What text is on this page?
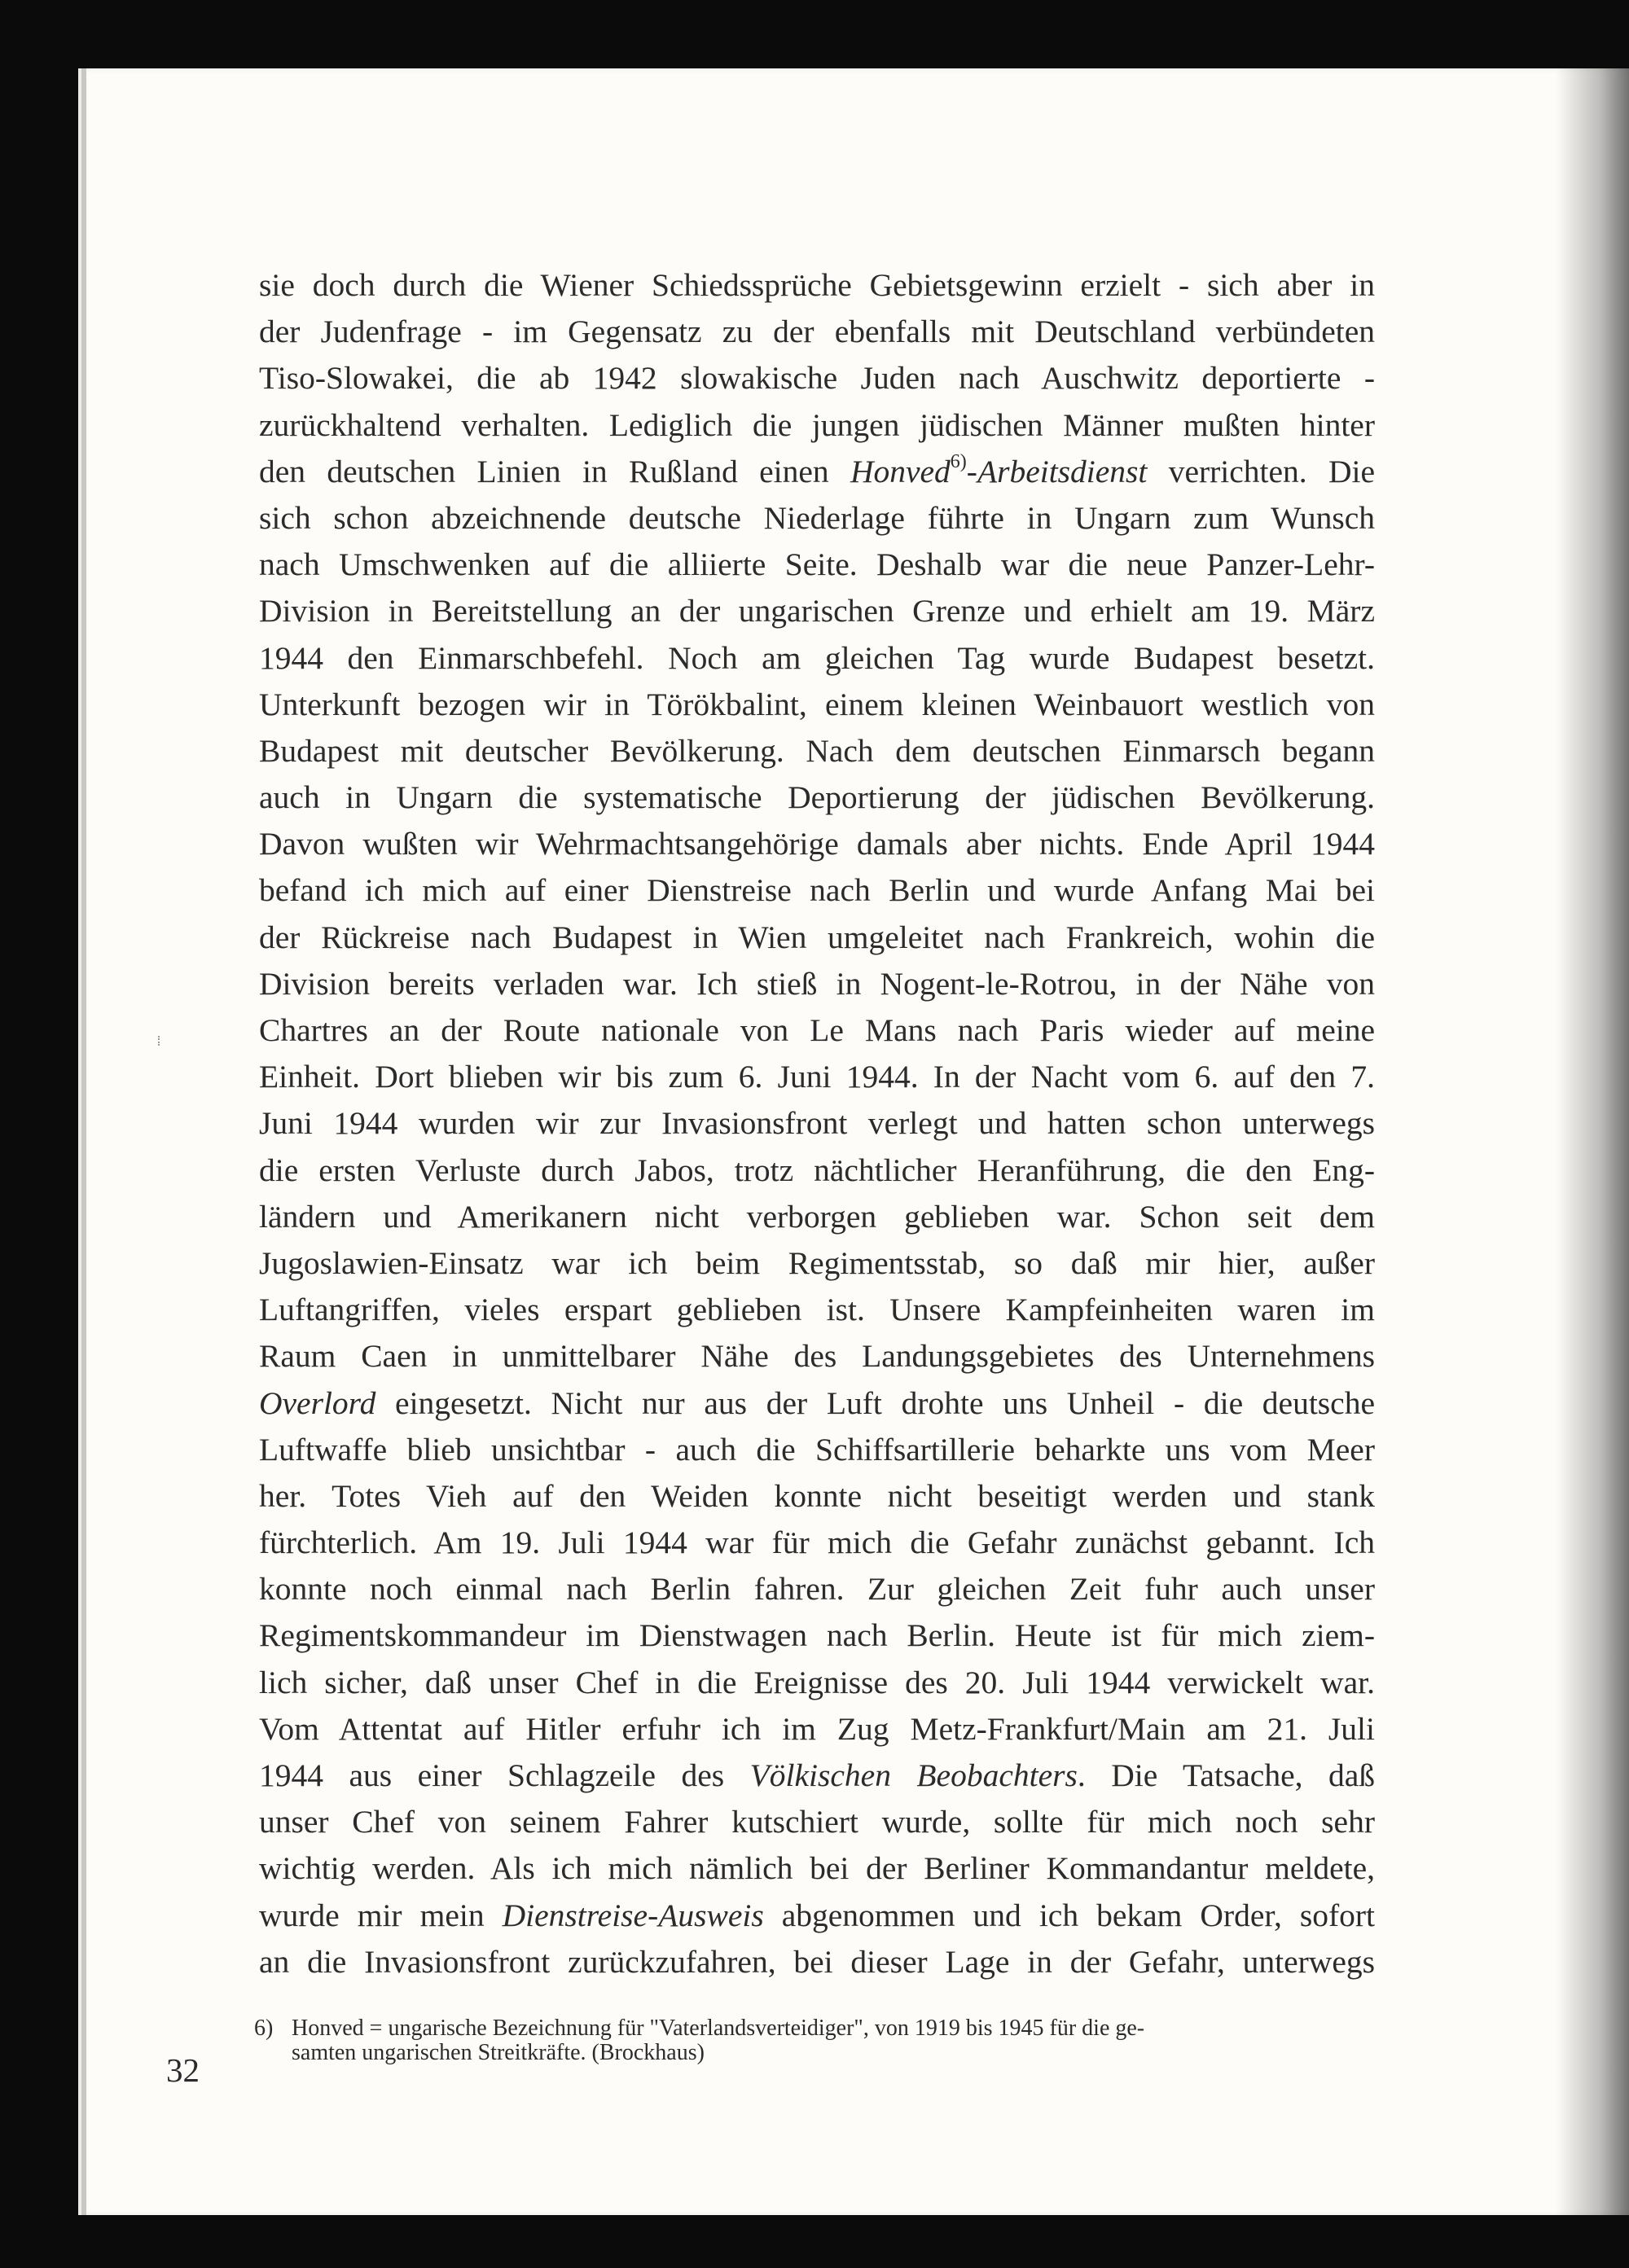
sie doch durch die Wiener Schiedssprüche Gebietsgewinn erzielt - sich aber in
der Judenfrage - im Gegensatz zu der ebenfalls mit Deutschland verbündeten
Tiso-Slowakei, die ab 1942 slowakische Juden nach Auschwitz deportierte -
zurückhaltend verhalten. Lediglich die jungen jüdischen Männer mußten hinter
den deutschen Linien in Rußland einen Honved$^{6)}$-Arbeitsdienst verrichten. Die
sich schon abzeichnende deutsche Niederlage führte in Ungarn zum Wunsch
nach Umschwenken auf die alliierte Seite. Deshalb war die neue Panzer-Lehr-
Division in Bereitstellung an der ungarischen Grenze und erhielt am 19. März
1944 den Einmarschbefehl. Noch am gleichen Tag wurde Budapest besetzt.
Unterkunft bezogen wir in Törökbalint, einem kleinen Weinbauort westlich von
Budapest mit deutscher Bevölkerung. Nach dem deutschen Einmarsch begann
auch in Ungarn die systematische Deportierung der jüdischen Bevölkerung.
Davon wußten wir Wehrmachtsangehörige damals aber nichts. Ende April 1944
befand ich mich auf einer Dienstreise nach Berlin und wurde Anfang Mai bei
der Rückreise nach Budapest in Wien umgeleitet nach Frankreich, wohin die
Division bereits verladen war. Ich stieß in Nogent-le-Rotrou, in der Nähe von
Chartres an der Route nationale von Le Mans nach Paris wieder auf meine
Einheit. Dort blieben wir bis zum 6. Juni 1944. In der Nacht vom 6. auf den 7.
Juni 1944 wurden wir zur Invasionsfront verlegt und hatten schon unterwegs
die ersten Verluste durch Jabos, trotz nächtlicher Heranführung, die den Eng-
ländern und Amerikanern nicht verborgen geblieben war. Schon seit dem
Jugoslawien-Einsatz war ich beim Regimentsstab, so daß mir hier, außer
Luftangriffen, vieles erspart geblieben ist. Unsere Kampfeinheiten waren im
Raum Caen in unmittelbarer Nähe des Landungsgebietes des Unternehmens
Overlord eingesetzt. Nicht nur aus der Luft drohte uns Unheil - die deutsche
Luftwaffe blieb unsichtbar - auch die Schiffsartillerie beharkte uns vom Meer
her. Totes Vieh auf den Weiden konnte nicht beseitigt werden und stank
fürchterlich. Am 19. Juli 1944 war für mich die Gefahr zunächst gebannt. Ich
konnte noch einmal nach Berlin fahren. Zur gleichen Zeit fuhr auch unser
Regimentskommandeur im Dienstwagen nach Berlin. Heute ist für mich ziem-
lich sicher, daß unser Chef in die Ereignisse des 20. Juli 1944 verwickelt war.
Vom Attentat auf Hitler erfuhr ich im Zug Metz-Frankfurt/Main am 21. Juli
1944 aus einer Schlagzeile des Völkischen Beobachters. Die Tatsache, daß
unser Chef von seinem Fahrer kutschiert wurde, sollte für mich noch sehr
wichtig werden. Als ich mich nämlich bei der Berliner Kommandantur meldete,
wurde mir mein Dienstreise-Ausweis abgenommen und ich bekam Order, sofort
an die Invasionsfront zurückzufahren, bei dieser Lage in der Gefahr, unterwegs
6) Honved = ungarische Bezeichnung für "Vaterlandsverteidiger", von 1919 bis 1945 für die ge-
samten ungarischen Streitkräfte. (Brockhaus)
32
